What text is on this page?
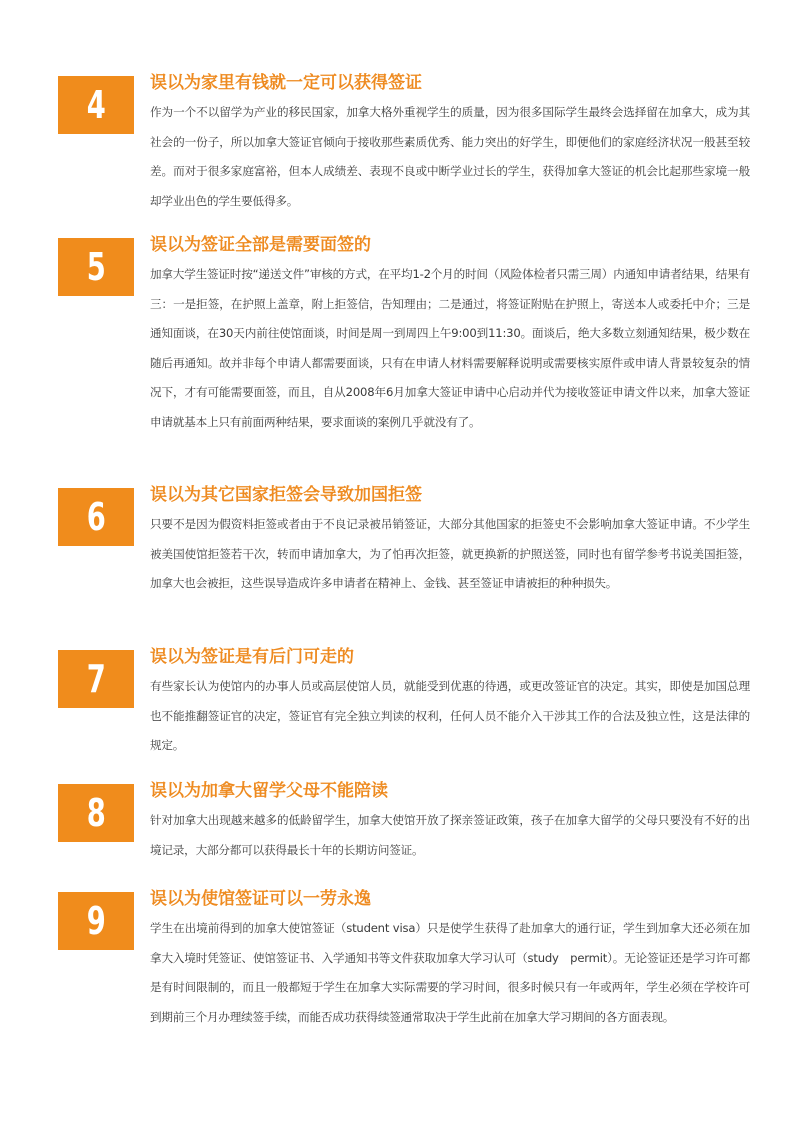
4	误以为家里有钱就一定可以获得签证

作为一个不以留学为产业的移民国家，加拿大格外重视学生的质量，因为很多国际学生最终会选择留在加拿大，成为其社会的一份子，所以加拿大签证官倾向于接收那些素质优秀、能力突出的好学生，即便他们的家庭经济状况一般甚至较差。而对于很多家庭富裕，但本人成绩差、表现不良或中断学业过长的学生，获得加拿大签证的机会比起那些家境一般却学业出色的学生要低得多。

5	误以为签证全部是需要面签的

加拿大学生签证时按“递送文件”审核的方式，在平均1-2个月的时间（风险体检者只需三周）内通知申请者结果，结果有三：一是拒签，在护照上盖章，附上拒签信，告知理由；二是通过，将签证附贴在护照上，寄送本人或委托中介；三是通知面谈，在30天内前往使馆面谈，时间是周一到周四上午9:00到11:30。面谈后，绝大多数立刻通知结果，极少数在随后再通知。故并非每个申请人都需要面谈，只有在申请人材料需要解释说明或需要核实原件或申请人背景较复杂的情况下，才有可能需要面签，而且，自从2008年6月加拿大签证申请中心启动并代为接收签证申请文件以来，加拿大签证申请就基本上只有前面两种结果，要求面谈的案例几乎就没有了。

6	误以为其它国家拒签会导致加国拒签

只要不是因为假资料拒签或者由于不良记录被吊销签证，大部分其他国家的拒签史不会影响加拿大签证申请。不少学生被美国使馆拒签若干次，转而申请加拿大，为了怕再次拒签，就更换新的护照送签，同时也有留学参考书说美国拒签，加拿大也会被拒，这些误导造成许多申请者在精神上、金钱、甚至签证申请被拒的种种损失。

7	误以为签证是有后门可走的

有些家长认为使馆内的办事人员或高层使馆人员，就能受到优惠的待遇，或更改签证官的决定。其实，即使是加国总理也不能推翻签证官的决定，签证官有完全独立判读的权利，任何人员不能介入干涉其工作的合法及独立性，这是法律的规定。

8	误以为加拿大留学父母不能陪读

针对加拿大出现越来越多的低龄留学生，加拿大使馆开放了探亲签证政策，孩子在加拿大留学的父母只要没有不好的出境记录，大部分都可以获得最长十年的长期访问签证。

9	误以为使馆签证可以一劳永逸

学生在出境前得到的加拿大使馆签证（student visa）只是使学生获得了赴加拿大的通行证，学生到加拿大还必须在加拿大入境时凭签证、使馆签证书、入学通知书等文件获取加拿大学习认可（study　permit）。无论签证还是学习许可都是有时间限制的，而且一般都短于学生在加拿大实际需要的学习时间，很多时候只有一年或两年，学生必须在学校许可到期前三个月办理续签手续，而能否成功获得续签通常取决于学生此前在加拿大学习期间的各方面表现。
